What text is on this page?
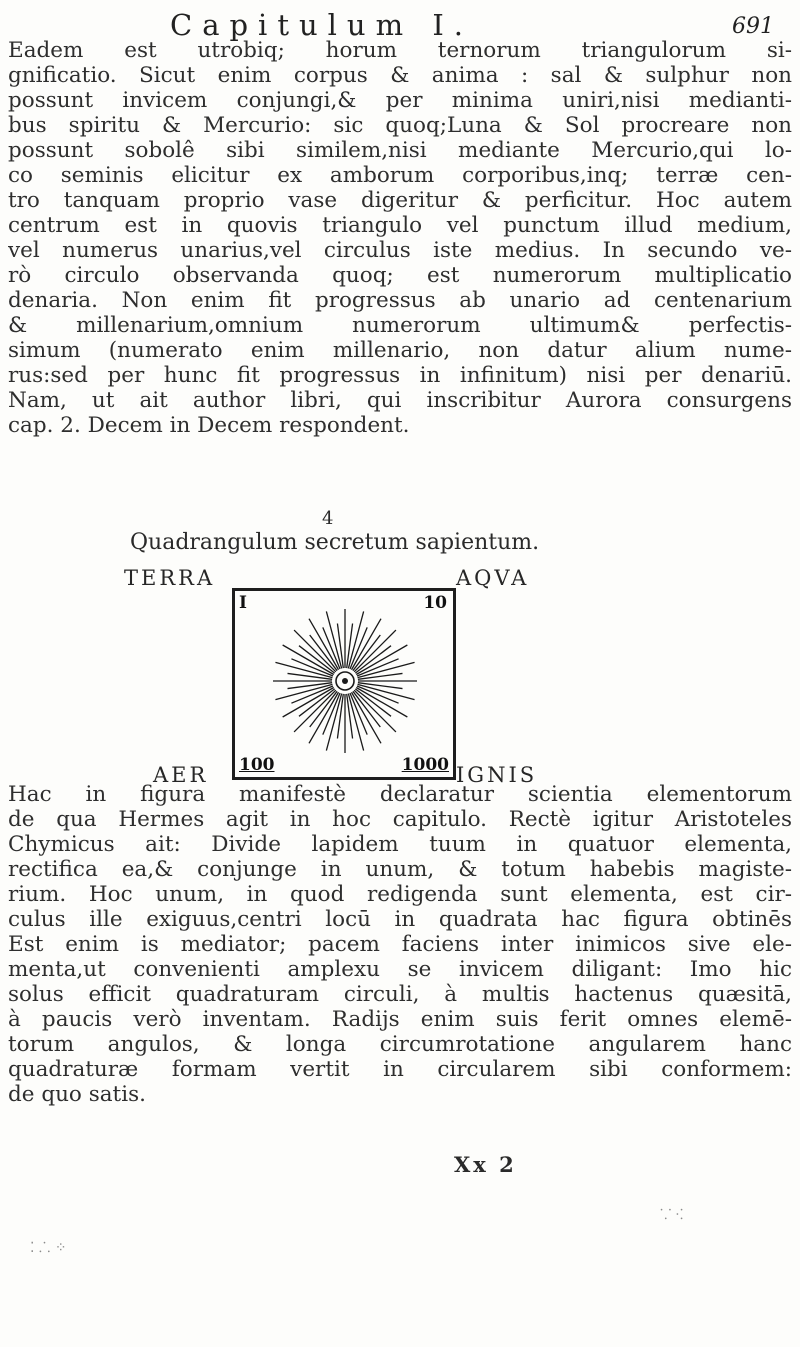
Capitulum I.	691
Eadem est utrobiq; horum ternorum triangulorum si-
gnificatio. Sicut enim corpus & anima : sal & sulphur non
possunt invicem conjungi,& per minima uniri,nisi medianti-
bus spiritu & Mercurio: sic quoq;Luna & Sol procreare non
possunt sobolê sibi similem,nisi mediante Mercurio,qui lo-
co seminis elicitur ex amborum corporibus,inq; terræ cen-
tro tanquam proprio vase digeritur & perficitur. Hoc autem
centrum est in quovis triangulo vel punctum illud medium,
vel numerus unarius,vel circulus iste medius. In secundo ve-
rò circulo observanda quoq; est numerorum multiplicatio
denaria. Non enim fit progressus ab unario ad centenarium
& millenarium,omnium numerorum ultimum& perfectis-
simum (numerato enim millenario, non datur alium nume-
rus:sed per hunc fit progressus in infinitum) nisi per denariū.
Nam, ut ait author libri, qui inscribitur Aurora consurgens
cap. 2. Decem in Decem respondent.
4
Quadrangulum secretum sapientum.
TERRA	AQVA
AER	IGNIS
I	10
100	1000
Hac in figura manifestè declaratur scientia elementorum
de qua Hermes agit in hoc capitulo. Rectè igitur Aristoteles
Chymicus ait: Divide lapidem tuum in quatuor elementa,
rectifica ea,& conjunge in unum, & totum habebis magiste-
rium. Hoc unum, in quod redigenda sunt elementa, est cir-
culus ille exiguus,centri locū in quadrata hac figura obtinēs
Est enim is mediator; pacem faciens inter inimicos sive ele-
menta,ut convenienti amplexu se invicem diligant: Imo hic
solus efficit quadraturam circuli, à multis hactenus quæsitā,
à paucis verò inventam. Radijs enim suis ferit omnes elemē-
torum angulos, & longa circumrotatione angularem hanc
quadraturæ formam vertit in circularem sibi conformem:
de quo satis.
Xx 2
⁚ ⸫ ⁘
⸪ ⁖
